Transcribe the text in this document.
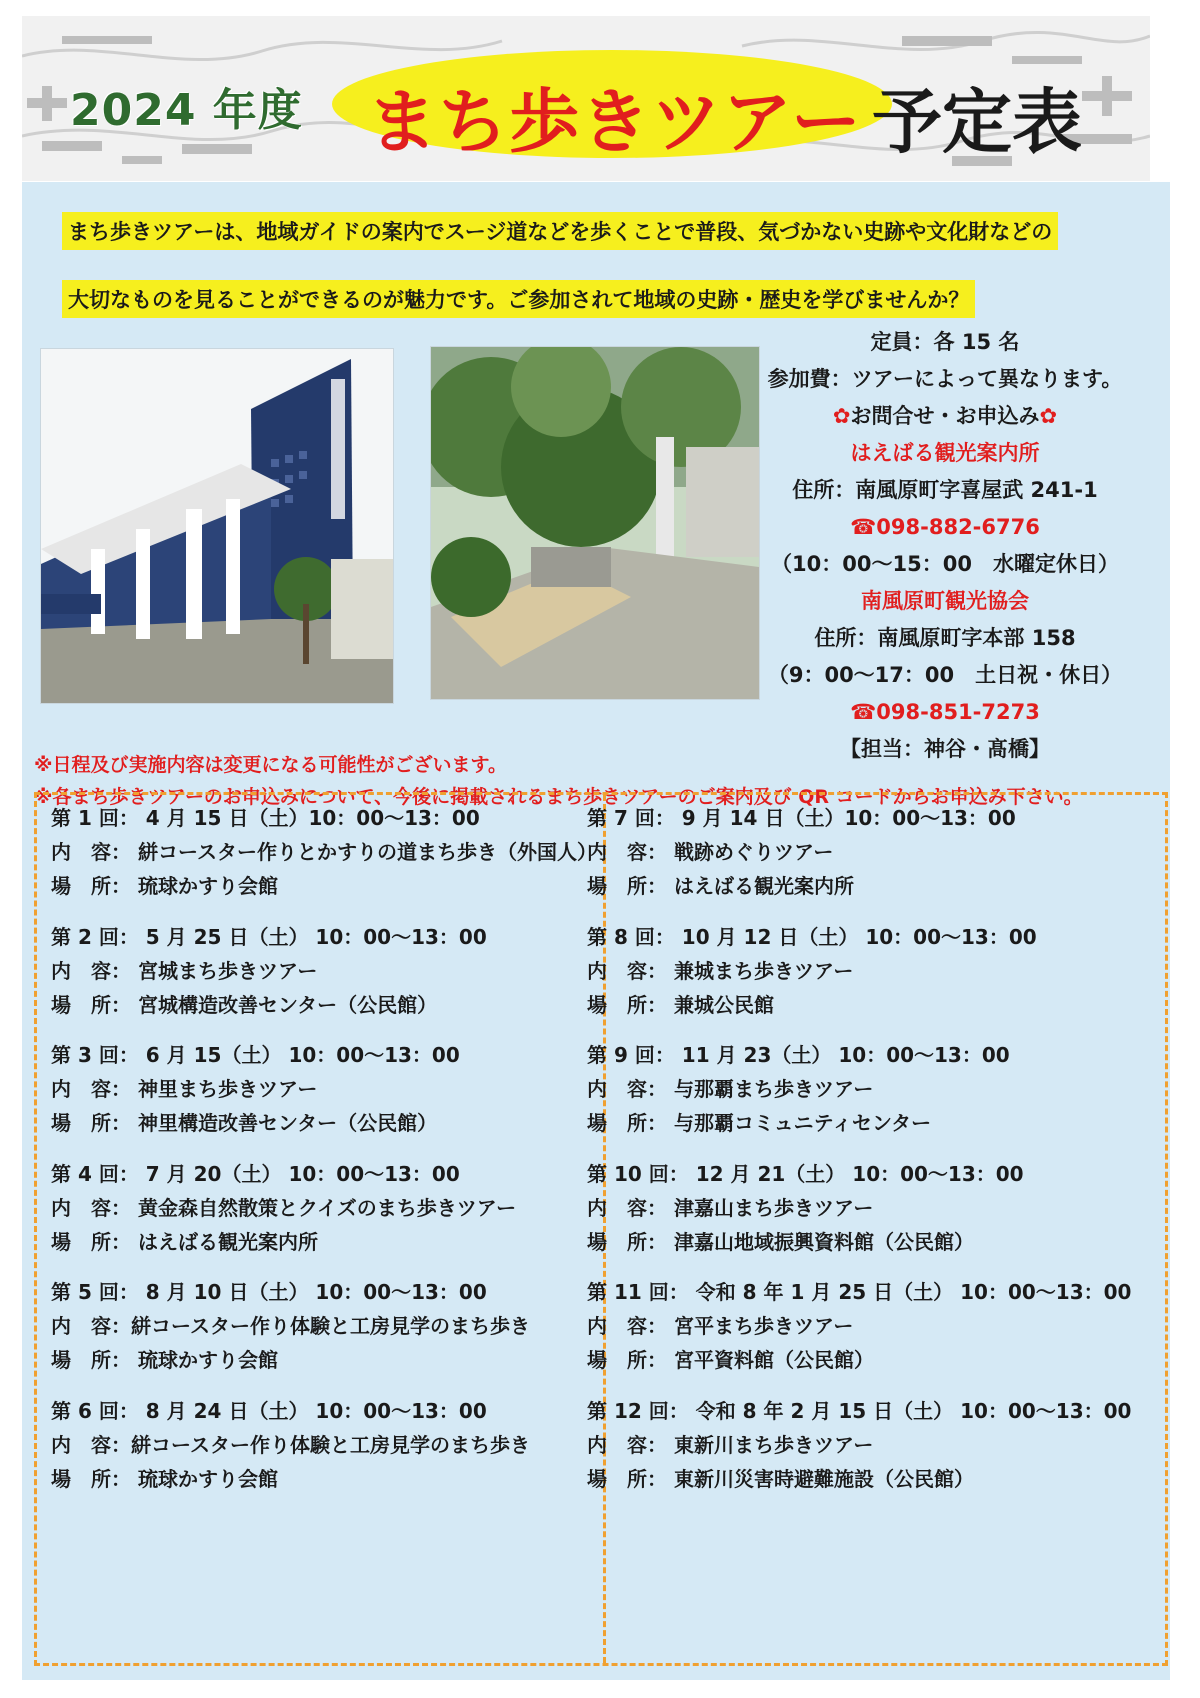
2024 年度 まち歩きツアー 予定表
まち歩きツアーは、地域ガイドの案内でスージ道などを歩くことで普段、気づかない史跡や文化財などの
大切なものを見ることができるのが魅力です。ご参加されて地域の史跡・歴史を学びませんか？
定員：各 15 名
参加費：ツアーによって異なります。
✿お問合せ・お申込み✿
はえばる観光案内所
住所：南風原町字喜屋武 241-1
☎098-882-6776
（10：00～15：00　水曜定休日）
南風原町観光協会
住所：南風原町字本部 158
（9：00～17：00　土日祝・休日）
☎098-851-7273
【担当：神谷・髙橋】
※日程及び実施内容は変更になる可能性がございます。
※各まち歩きツアーのお申込みについて、今後に掲載されるまち歩きツアーのご案内及び QR コードからお申込み下さい。
第 1 回： 4 月 15 日（土）10：00～13：00
内　容： 絣コースター作りとかすりの道まち歩き（外国人）
場　所： 琉球かすり会館
第 2 回： 5 月 25 日（土） 10：00～13：00
内　容： 宮城まち歩きツアー
場　所： 宮城構造改善センター（公民館）
第 3 回： 6 月 15（土） 10：00～13：00
内　容： 神里まち歩きツアー
場　所： 神里構造改善センター（公民館）
第 4 回： 7 月 20（土） 10：00～13：00
内　容： 黄金森自然散策とクイズのまち歩きツアー
場　所： はえばる観光案内所
第 5 回： 8 月 10 日（土） 10：00～13：00
内　容：絣コースター作り体験と工房見学のまち歩き
場　所： 琉球かすり会館
第 6 回： 8 月 24 日（土） 10：00～13：00
内　容：絣コースター作り体験と工房見学のまち歩き
場　所： 琉球かすり会館
第 7 回： 9 月 14 日（土）10：00～13：00
内　容： 戦跡めぐりツアー
場　所： はえばる観光案内所
第 8 回： 10 月 12 日（土） 10：00～13：00
内　容： 兼城まち歩きツアー
場　所： 兼城公民館
第 9 回： 11 月 23（土） 10：00～13：00
内　容： 与那覇まち歩きツアー
場　所： 与那覇コミュニティセンター
第 10 回： 12 月 21（土） 10：00～13：00
内　容： 津嘉山まち歩きツアー
場　所： 津嘉山地域振興資料館（公民館）
第 11 回： 令和 8 年 1 月 25 日（土） 10：00～13：00
内　容： 宮平まち歩きツアー
場　所： 宮平資料館（公民館）
第 12 回： 令和 8 年 2 月 15 日（土） 10：00～13：00
内　容： 東新川まち歩きツアー
場　所： 東新川災害時避難施設（公民館）
